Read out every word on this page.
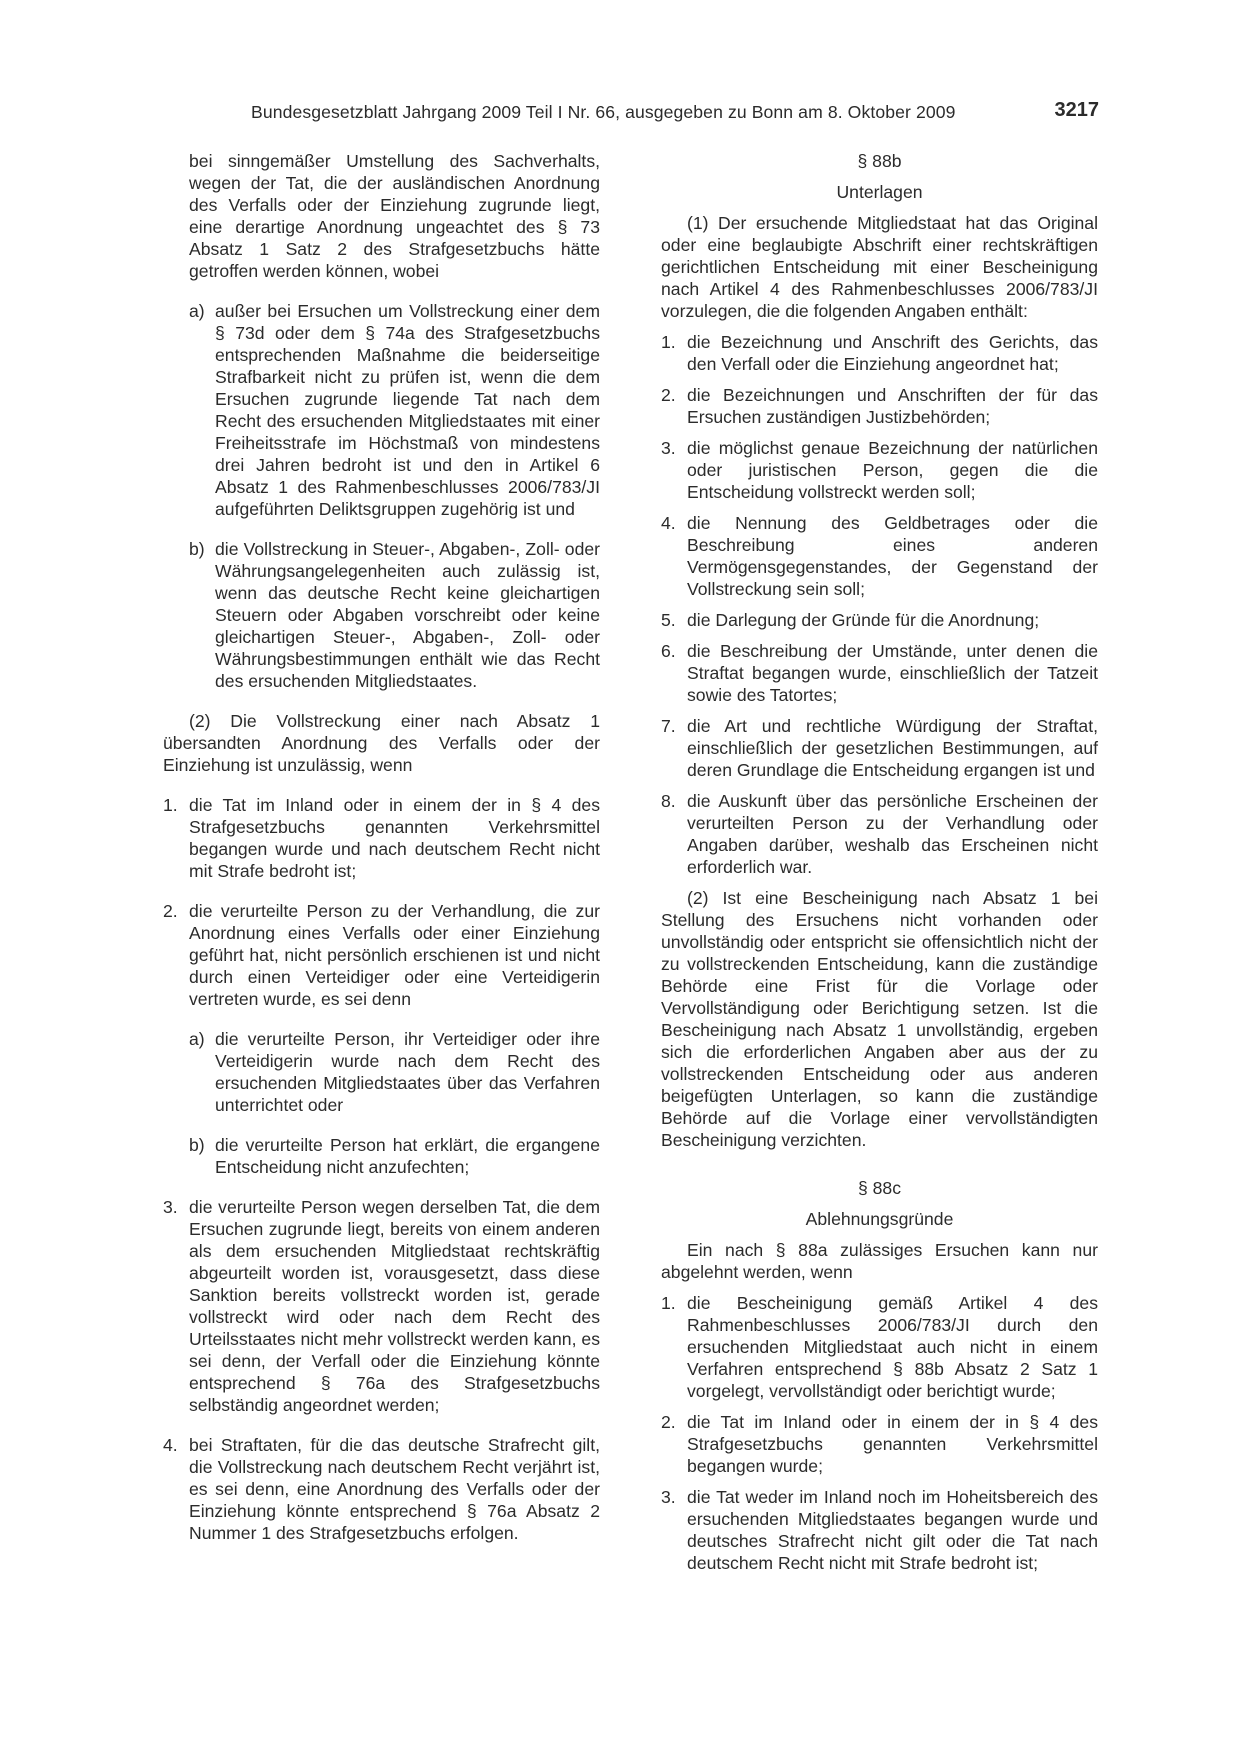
Bundesgesetzblatt Jahrgang 2009 Teil I Nr. 66, ausgegeben zu Bonn am 8. Oktober 2009	3217

bei sinngemäßer Umstellung des Sachverhalts, wegen der Tat, die der ausländischen Anordnung des Verfalls oder der Einziehung zugrunde liegt, eine derartige Anordnung ungeachtet des § 73 Absatz 1 Satz 2 des Strafgesetzbuchs hätte getroffen werden können, wobei

a) außer bei Ersuchen um Vollstreckung einer dem § 73d oder dem § 74a des Strafgesetzbuchs entsprechenden Maßnahme die beiderseitige Strafbarkeit nicht zu prüfen ist, wenn die dem Ersuchen zugrunde liegende Tat nach dem Recht des ersuchenden Mitgliedstaates mit einer Freiheitsstrafe im Höchstmaß von mindestens drei Jahren bedroht ist und den in Artikel 6 Absatz 1 des Rahmenbeschlusses 2006/783/JI aufgeführten Deliktsgruppen zugehörig ist und
b) die Vollstreckung in Steuer-, Abgaben-, Zoll- oder Währungsangelegenheiten auch zulässig ist, wenn das deutsche Recht keine gleichartigen Steuern oder Abgaben vorschreibt oder keine gleichartigen Steuer-, Abgaben-, Zoll- oder Währungsbestimmungen enthält wie das Recht des ersuchenden Mitgliedstaates.

(2) Die Vollstreckung einer nach Absatz 1 übersandten Anordnung des Verfalls oder der Einziehung ist unzulässig, wenn

1. die Tat im Inland oder in einem der in § 4 des Strafgesetzbuchs genannten Verkehrsmittel begangen wurde und nach deutschem Recht nicht mit Strafe bedroht ist;
2. die verurteilte Person zu der Verhandlung, die zur Anordnung eines Verfalls oder einer Einziehung geführt hat, nicht persönlich erschienen ist und nicht durch einen Verteidiger oder eine Verteidigerin vertreten wurde, es sei denn
a) die verurteilte Person, ihr Verteidiger oder ihre Verteidigerin wurde nach dem Recht des ersuchenden Mitgliedstaates über das Verfahren unterrichtet oder
b) die verurteilte Person hat erklärt, die ergangene Entscheidung nicht anzufechten;
3. die verurteilte Person wegen derselben Tat, die dem Ersuchen zugrunde liegt, bereits von einem anderen als dem ersuchenden Mitgliedstaat rechtskräftig abgeurteilt worden ist, vorausgesetzt, dass diese Sanktion bereits vollstreckt worden ist, gerade vollstreckt wird oder nach dem Recht des Urteilsstaates nicht mehr vollstreckt werden kann, es sei denn, der Verfall oder die Einziehung könnte entsprechend § 76a des Strafgesetzbuchs selbständig angeordnet werden;
4. bei Straftaten, für die das deutsche Strafrecht gilt, die Vollstreckung nach deutschem Recht verjährt ist, es sei denn, eine Anordnung des Verfalls oder der Einziehung könnte entsprechend § 76a Absatz 2 Nummer 1 des Strafgesetzbuchs erfolgen.

§ 88b

Unterlagen

(1) Der ersuchende Mitgliedstaat hat das Original oder eine beglaubigte Abschrift einer rechtskräftigen gerichtlichen Entscheidung mit einer Bescheinigung nach Artikel 4 des Rahmenbeschlusses 2006/783/JI vorzulegen, die die folgenden Angaben enthält:

1. die Bezeichnung und Anschrift des Gerichts, das den Verfall oder die Einziehung angeordnet hat;
2. die Bezeichnungen und Anschriften der für das Ersuchen zuständigen Justizbehörden;
3. die möglichst genaue Bezeichnung der natürlichen oder juristischen Person, gegen die die Entscheidung vollstreckt werden soll;
4. die Nennung des Geldbetrages oder die Beschreibung eines anderen Vermögensgegenstandes, der Gegenstand der Vollstreckung sein soll;
5. die Darlegung der Gründe für die Anordnung;
6. die Beschreibung der Umstände, unter denen die Straftat begangen wurde, einschließlich der Tatzeit sowie des Tatortes;
7. die Art und rechtliche Würdigung der Straftat, einschließlich der gesetzlichen Bestimmungen, auf deren Grundlage die Entscheidung ergangen ist und
8. die Auskunft über das persönliche Erscheinen der verurteilten Person zu der Verhandlung oder Angaben darüber, weshalb das Erscheinen nicht erforderlich war.

(2) Ist eine Bescheinigung nach Absatz 1 bei Stellung des Ersuchens nicht vorhanden oder unvollständig oder entspricht sie offensichtlich nicht der zu vollstreckenden Entscheidung, kann die zuständige Behörde eine Frist für die Vorlage oder Vervollständigung oder Berichtigung setzen. Ist die Bescheinigung nach Absatz 1 unvollständig, ergeben sich die erforderlichen Angaben aber aus der zu vollstreckenden Entscheidung oder aus anderen beigefügten Unterlagen, so kann die zuständige Behörde auf die Vorlage einer vervollständigten Bescheinigung verzichten.

§ 88c

Ablehnungsgründe

Ein nach § 88a zulässiges Ersuchen kann nur abgelehnt werden, wenn

1. die Bescheinigung gemäß Artikel 4 des Rahmenbeschlusses 2006/783/JI durch den ersuchenden Mitgliedstaat auch nicht in einem Verfahren entsprechend § 88b Absatz 2 Satz 1 vorgelegt, vervollständigt oder berichtigt wurde;
2. die Tat im Inland oder in einem der in § 4 des Strafgesetzbuchs genannten Verkehrsmittel begangen wurde;
3. die Tat weder im Inland noch im Hoheitsbereich des ersuchenden Mitgliedstaates begangen wurde und deutsches Strafrecht nicht gilt oder die Tat nach deutschem Recht nicht mit Strafe bedroht ist;
